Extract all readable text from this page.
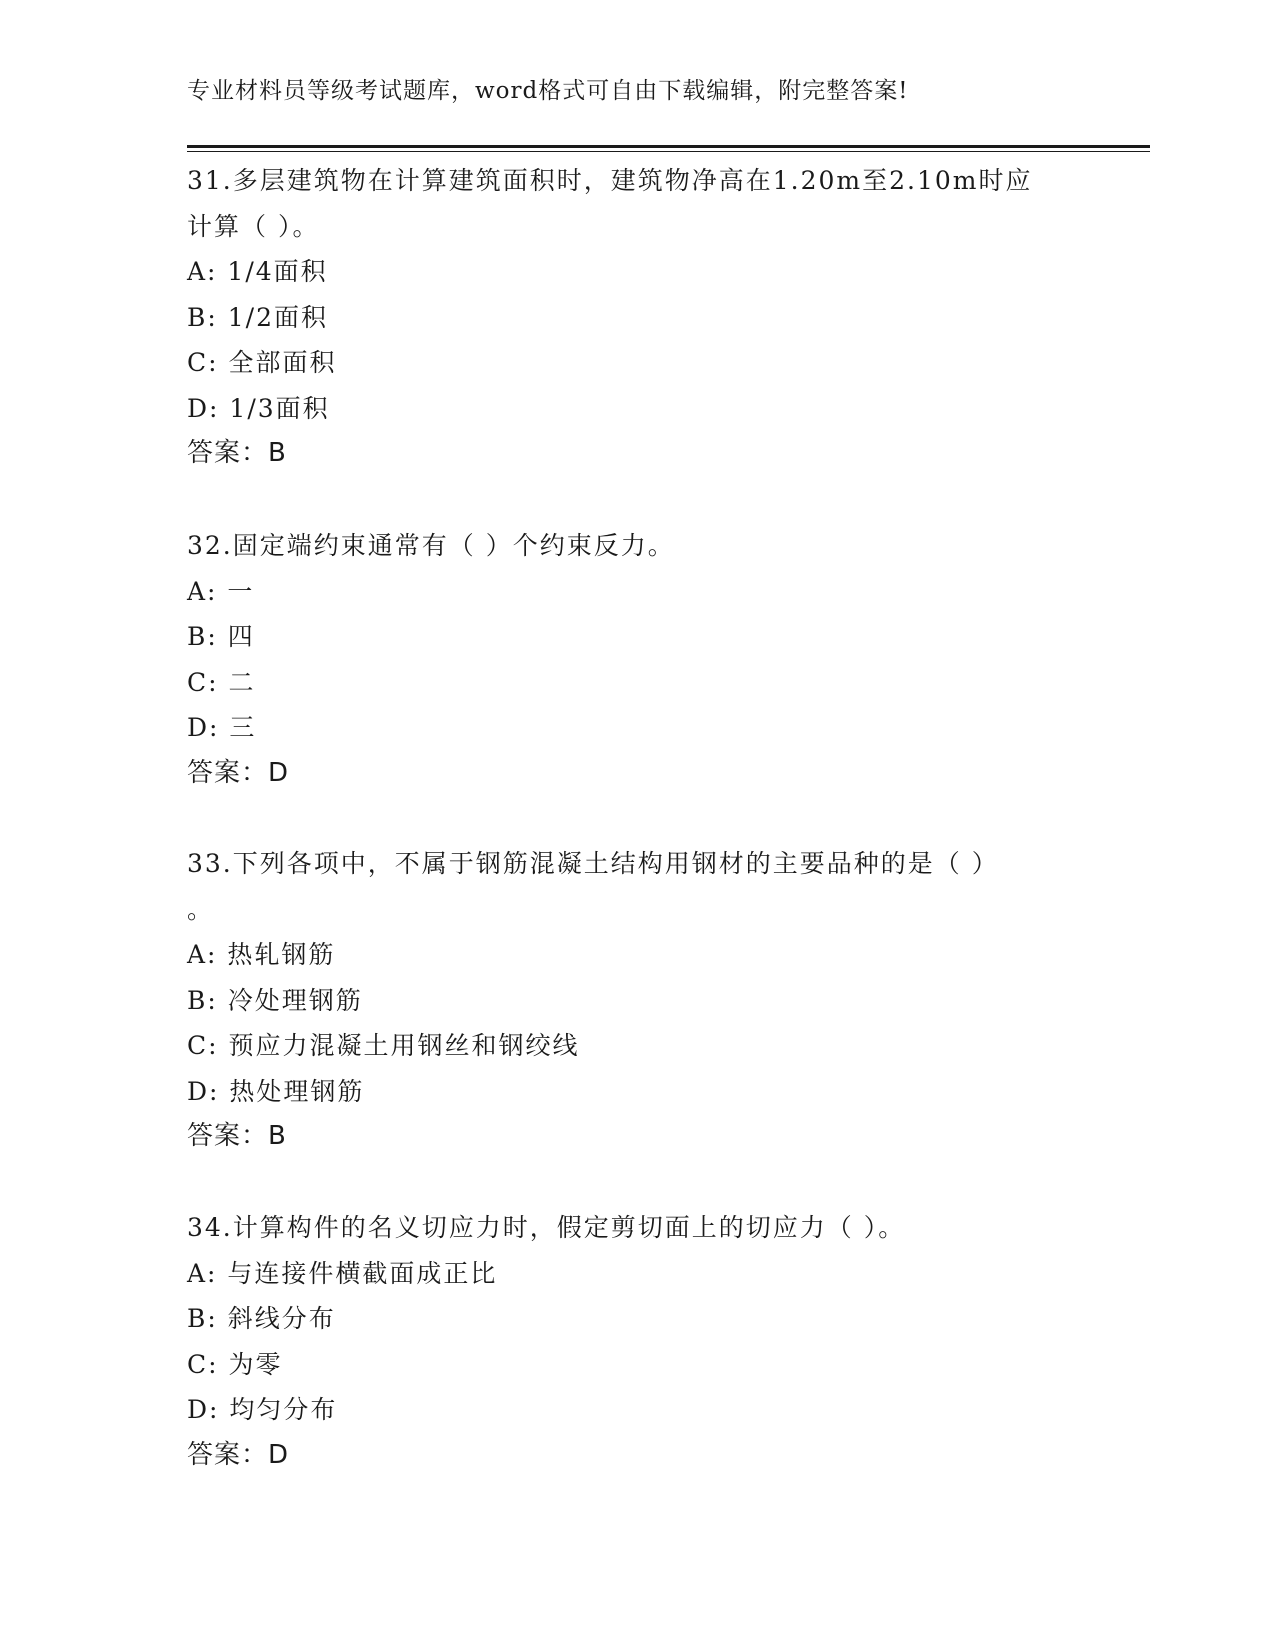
专业材料员等级考试题库，word格式可自由下载编辑，附完整答案!
31.多层建筑物在计算建筑面积时，建筑物净高在1.20m至2.10m时应
计算（ ）。
A: 1/4面积
B: 1/2面积
C: 全部面积
D: 1/3面积
答案：B
32.固定端约束通常有（ ）个约束反力。
A: 一
B: 四
C: 二
D: 三
答案：D
33.下列各项中，不属于钢筋混凝土结构用钢材的主要品种的是（ ）
。
A: 热轧钢筋
B: 冷处理钢筋
C: 预应力混凝土用钢丝和钢绞线
D: 热处理钢筋
答案：B
34.计算构件的名义切应力时，假定剪切面上的切应力（ ）。
A: 与连接件横截面成正比
B: 斜线分布
C: 为零
D: 均匀分布
答案：D
